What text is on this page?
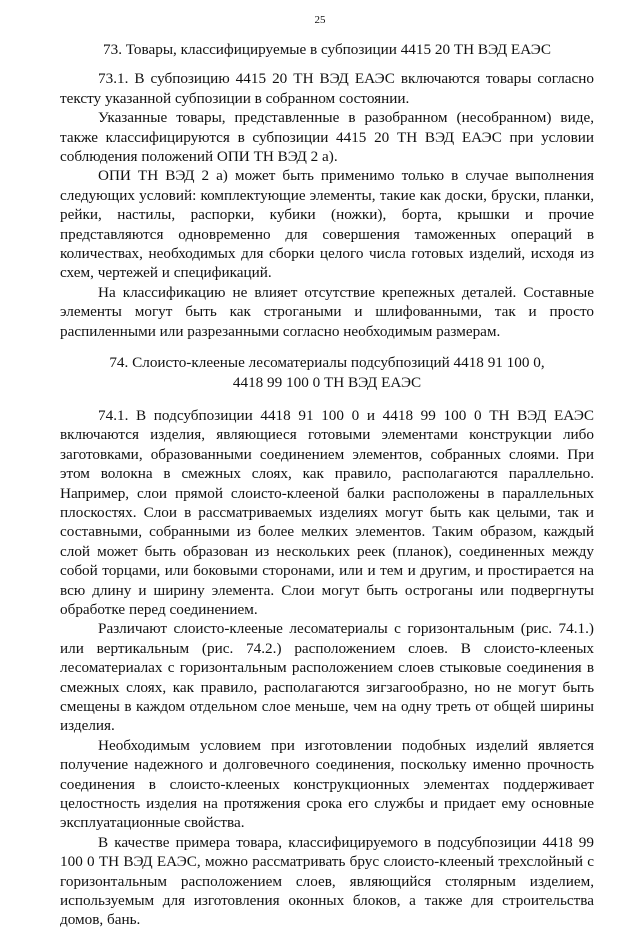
25
73. Товары, классифицируемые в субпозиции 4415 20 ТН ВЭД ЕАЭС

73.1. В субпозицию 4415 20 ТН ВЭД ЕАЭС включаются товары согласно тексту указанной субпозиции в собранном состоянии.

Указанные товары, представленные в разобранном (несобранном) виде, также классифицируются в субпозиции 4415 20 ТН ВЭД ЕАЭС при условии соблюдения положений ОПИ ТН ВЭД 2 а).

ОПИ ТН ВЭД 2 а) может быть применимо только в случае выполнения следующих условий: комплектующие элементы, такие как доски, бруски, планки, рейки, настилы, распорки, кубики (ножки), борта, крышки и прочие представляются одновременно для совершения таможенных операций в количествах, необходимых для сборки целого числа готовых изделий, исходя из схем, чертежей и спецификаций.

На классификацию не влияет отсутствие крепежных деталей. Составные элементы могут быть как строгаными и шлифованными, так и просто распиленными или разрезанными согласно необходимым размерам.

74. Слоисто-клееные лесоматериалы подсубпозиций 4418 91 100 0,
4418 99 100 0 ТН ВЭД ЕАЭС

74.1. В подсубпозиции 4418 91 100 0 и 4418 99 100 0 ТН ВЭД ЕАЭС включаются изделия, являющиеся готовыми элементами конструкции либо заготовками, образованными соединением элементов, собранных слоями. При этом волокна в смежных слоях, как правило, располагаются параллельно. Например, слои прямой слоисто-клееной балки расположены в параллельных плоскостях. Слои в рассматриваемых изделиях могут быть как целыми, так и составными, собранными из более мелких элементов. Таким образом, каждый слой может быть образован из нескольких реек (планок), соединенных между собой торцами, или боковыми сторонами, или и тем и другим, и простирается на всю длину и ширину элемента. Слои могут быть остроганы или подвергнуты обработке перед соединением.

Различают слоисто-клееные лесоматериалы с горизонтальным (рис. 74.1.) или вертикальным (рис. 74.2.) расположением слоев. В слоисто-клееных лесоматериалах с горизонтальным расположением слоев стыковые соединения в смежных слоях, как правило, располагаются зигзагообразно, но не могут быть смещены в каждом отдельном слое меньше, чем на одну треть от общей ширины изделия.

Необходимым условием при изготовлении подобных изделий является получение надежного и долговечного соединения, поскольку именно прочность соединения в слоисто-клееных конструкционных элементах поддерживает целостность изделия на протяжения срока его службы и придает ему основные эксплуатационные свойства.

В качестве примера товара, классифицируемого в подсубпозиции 4418 99 100 0 ТН ВЭД ЕАЭС, можно рассматривать брус слоисто-клееный трехслойный с горизонтальным расположением слоев, являющийся столярным изделием, используемым для изготовления оконных блоков, а также для строительства домов, бань.
